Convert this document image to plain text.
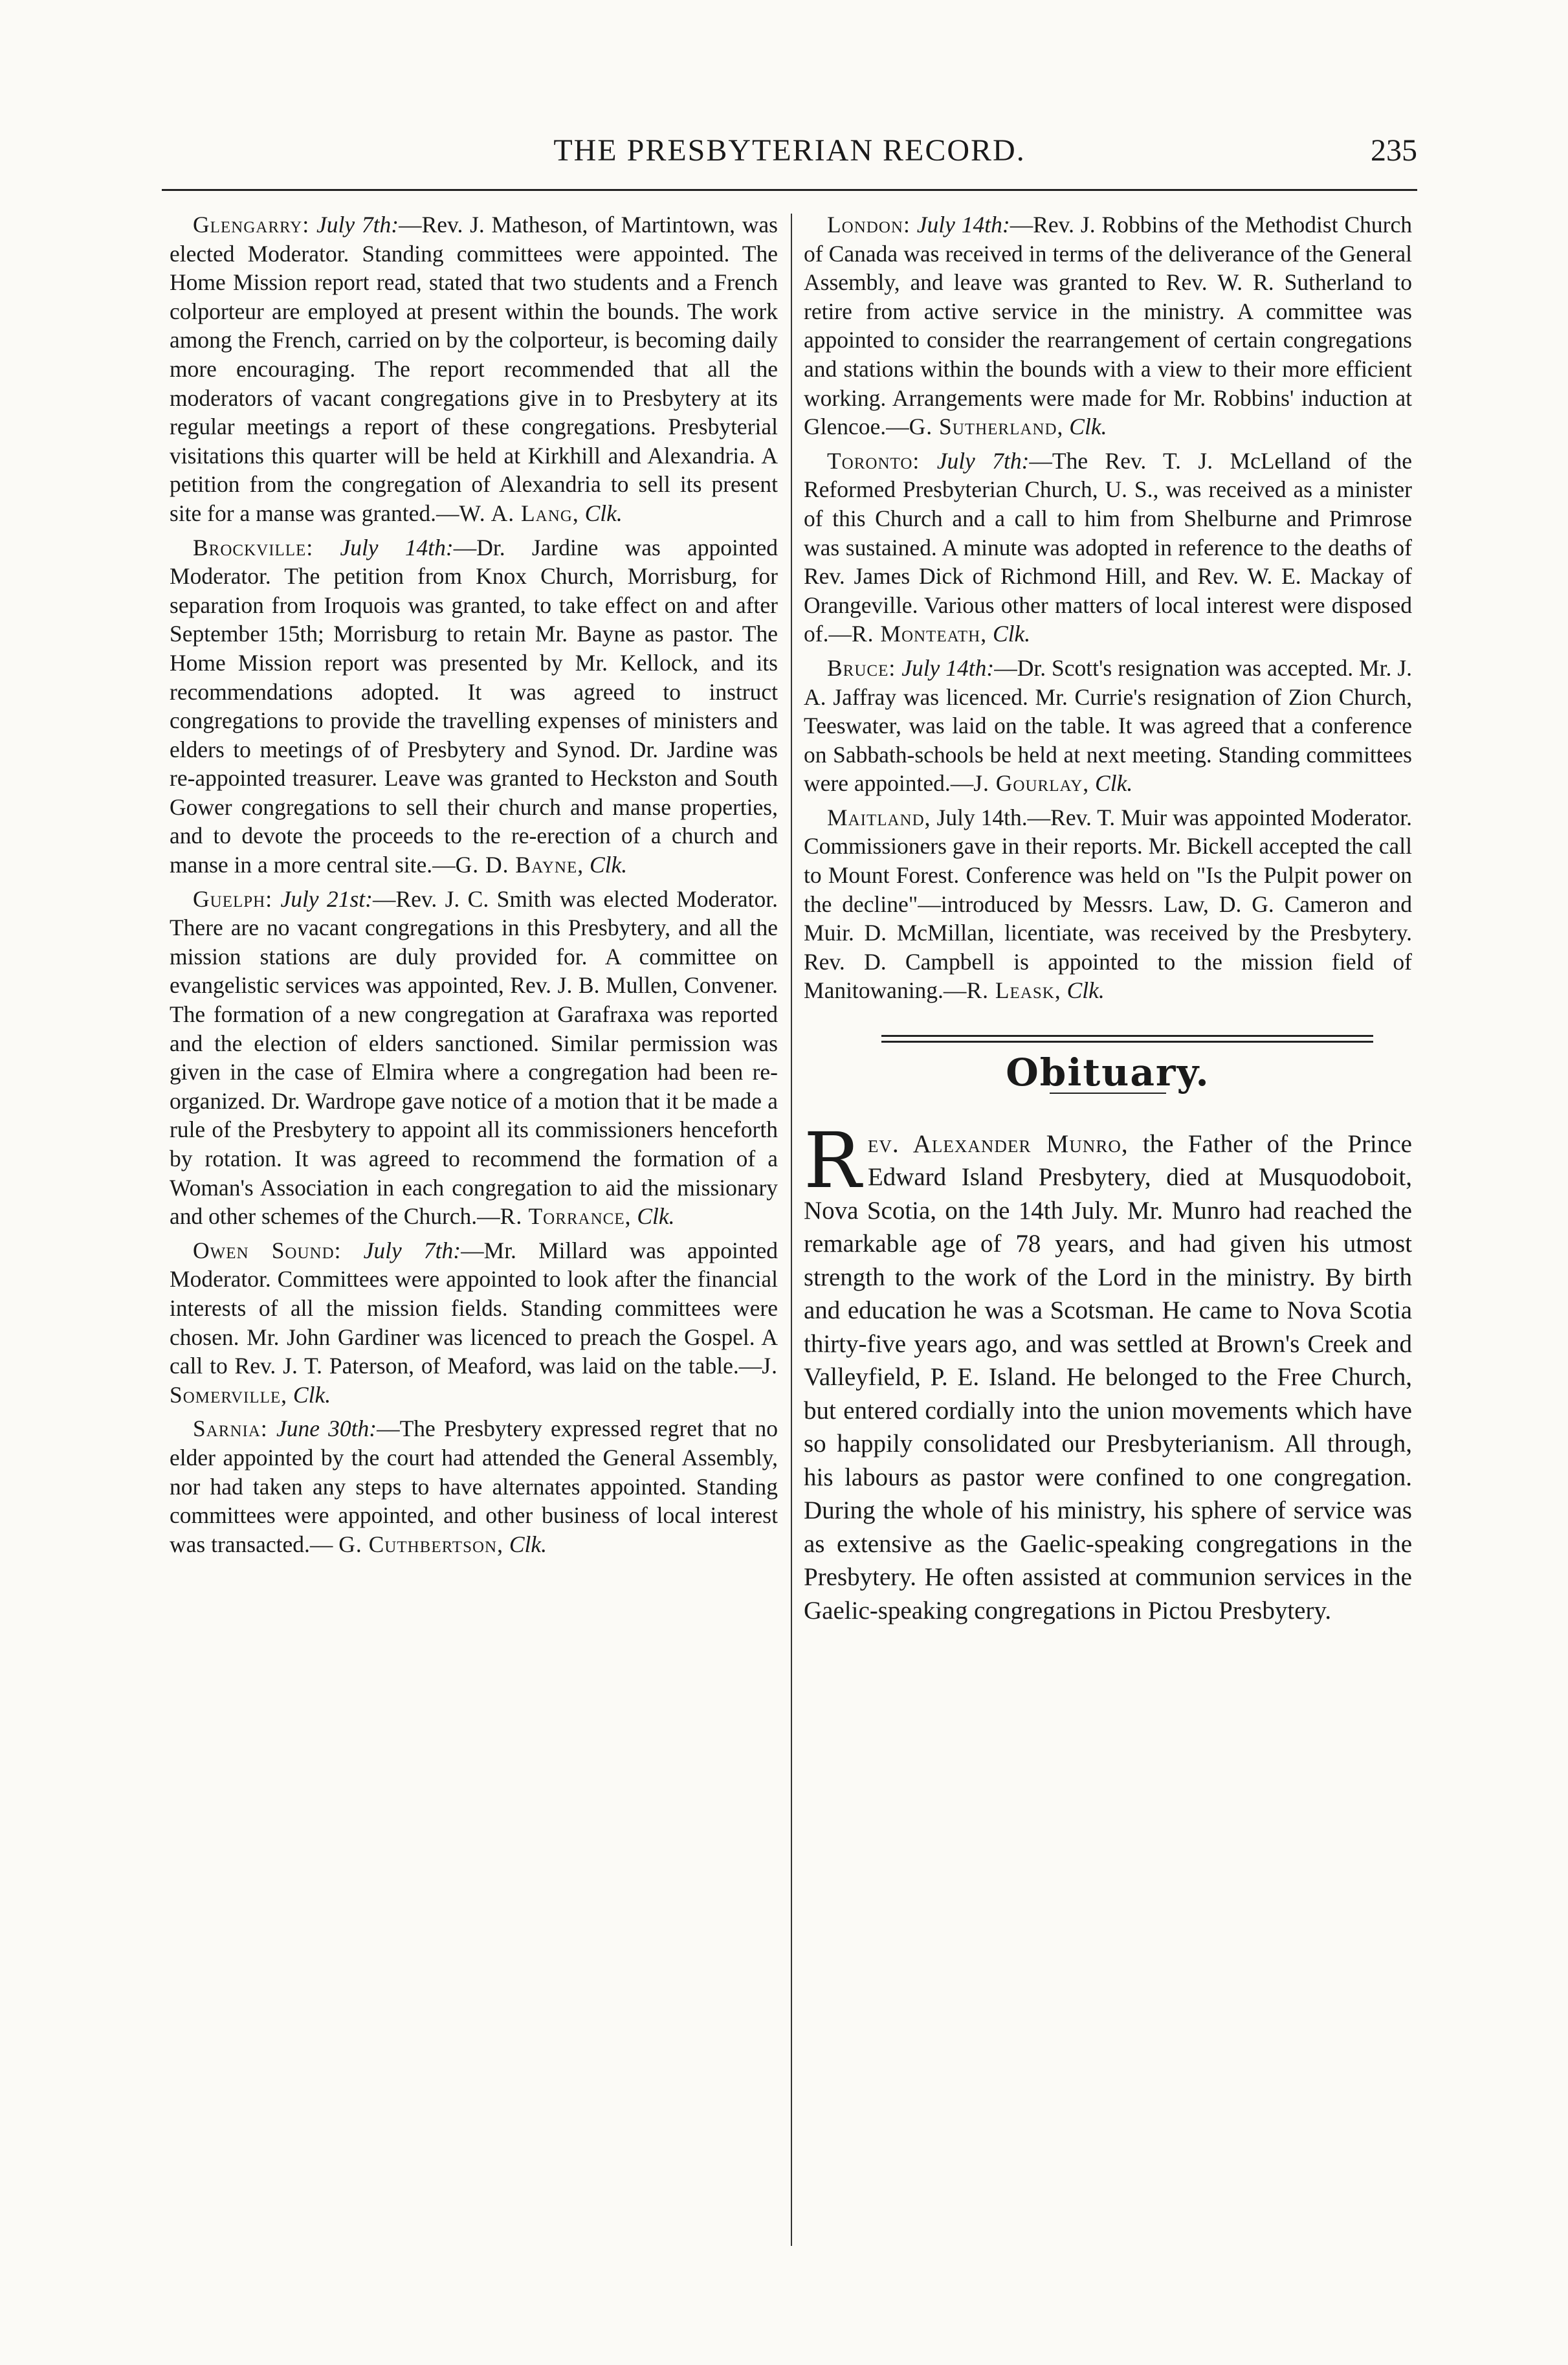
THE PRESBYTERIAN RECORD.	235

Glengarry: July 7th:—Rev. J. Matheson, of Martintown, was elected Moderator. Standing committees were appointed. The Home Mission report read, stated that two students and a French colporteur are employed at present within the bounds. The work among the French, carried on by the colporteur, is becoming daily more encouraging. The report recommended that all the moderators of vacant congregations give in to Presbytery at its regular meetings a report of these congregations. Presbyterial visitations this quarter will be held at Kirkhill and Alexandria. A petition from the congregation of Alexandria to sell its present site for a manse was granted.—W. A. Lang, Clk.

Brockville: July 14th:—Dr. Jardine was appointed Moderator. The petition from Knox Church, Morrisburg, for separation from Iroquois was granted, to take effect on and after September 15th; Morrisburg to retain Mr. Bayne as pastor. The Home Mission report was presented by Mr. Kellock, and its recommendations adopted. It was agreed to instruct congregations to provide the travelling expenses of ministers and elders to meetings of of Presbytery and Synod. Dr. Jardine was re-appointed treasurer. Leave was granted to Heckston and South Gower congregations to sell their church and manse properties, and to devote the proceeds to the re-erection of a church and manse in a more central site.—G. D. Bayne, Clk.

Guelph: July 21st:—Rev. J. C. Smith was elected Moderator. There are no vacant congregations in this Presbytery, and all the mission stations are duly provided for. A committee on evangelistic services was appointed, Rev. J. B. Mullen, Convener. The formation of a new congregation at Garafraxa was reported and the election of elders sanctioned. Similar permission was given in the case of Elmira where a congregation had been re-organized. Dr. Wardrope gave notice of a motion that it be made a rule of the Presbytery to appoint all its commissioners henceforth by rotation. It was agreed to recommend the formation of a Woman's Association in each congregation to aid the missionary and other schemes of the Church.—R. Torrance, Clk.

Owen Sound: July 7th:—Mr. Millard was appointed Moderator. Committees were appointed to look after the financial interests of all the mission fields. Standing committees were chosen. Mr. John Gardiner was licenced to preach the Gospel. A call to Rev. J. T. Paterson, of Meaford, was laid on the table.—J. Somerville, Clk.

Sarnia: June 30th:—The Presbytery expressed regret that no elder appointed by the court had attended the General Assembly, nor had taken any steps to have alternates appointed. Standing committees were appointed, and other business of local interest was transacted.— G. Cuthbertson, Clk.

London: July 14th:—Rev. J. Robbins of the Methodist Church of Canada was received in terms of the deliverance of the General Assembly, and leave was granted to Rev. W. R. Sutherland to retire from active service in the ministry. A committee was appointed to consider the rearrangement of certain congregations and stations within the bounds with a view to their more efficient working. Arrangements were made for Mr. Robbins' induction at Glencoe.—G. Sutherland, Clk.

Toronto: July 7th:—The Rev. T. J. McLelland of the Reformed Presbyterian Church, U. S., was received as a minister of this Church and a call to him from Shelburne and Primrose was sustained. A minute was adopted in reference to the deaths of Rev. James Dick of Richmond Hill, and Rev. W. E. Mackay of Orangeville. Various other matters of local interest were disposed of.—R. Monteath, Clk.

Bruce: July 14th:—Dr. Scott's resignation was accepted. Mr. J. A. Jaffray was licenced. Mr. Currie's resignation of Zion Church, Teeswater, was laid on the table. It was agreed that a conference on Sabbath-schools be held at next meeting. Standing committees were appointed.—J. Gourlay, Clk.

Maitland, July 14th.—Rev. T. Muir was appointed Moderator. Commissioners gave in their reports. Mr. Bickell accepted the call to Mount Forest. Conference was held on "Is the Pulpit power on the decline"—introduced by Messrs. Law, D. G. Cameron and Muir. D. McMillan, licentiate, was received by the Presbytery. Rev. D. Campbell is appointed to the mission field of Manitowaning.—R. Leask, Clk.

Obituary.

Rev. Alexander Munro, the Father of the Prince Edward Island Presbytery, died at Musquodoboit, Nova Scotia, on the 14th July. Mr. Munro had reached the remarkable age of 78 years, and had given his utmost strength to the work of the Lord in the ministry. By birth and education he was a Scotsman. He came to Nova Scotia thirty-five years ago, and was settled at Brown's Creek and Valleyfield, P. E. Island. He belonged to the Free Church, but entered cordially into the union movements which have so happily consolidated our Presbyterianism. All through, his labours as pastor were confined to one congregation. During the whole of his ministry, his sphere of service was as extensive as the Gaelic-speaking congregations in the Presbytery. He often assisted at communion services in the Gaelic-speaking congregations in Pictou Presbytery.
